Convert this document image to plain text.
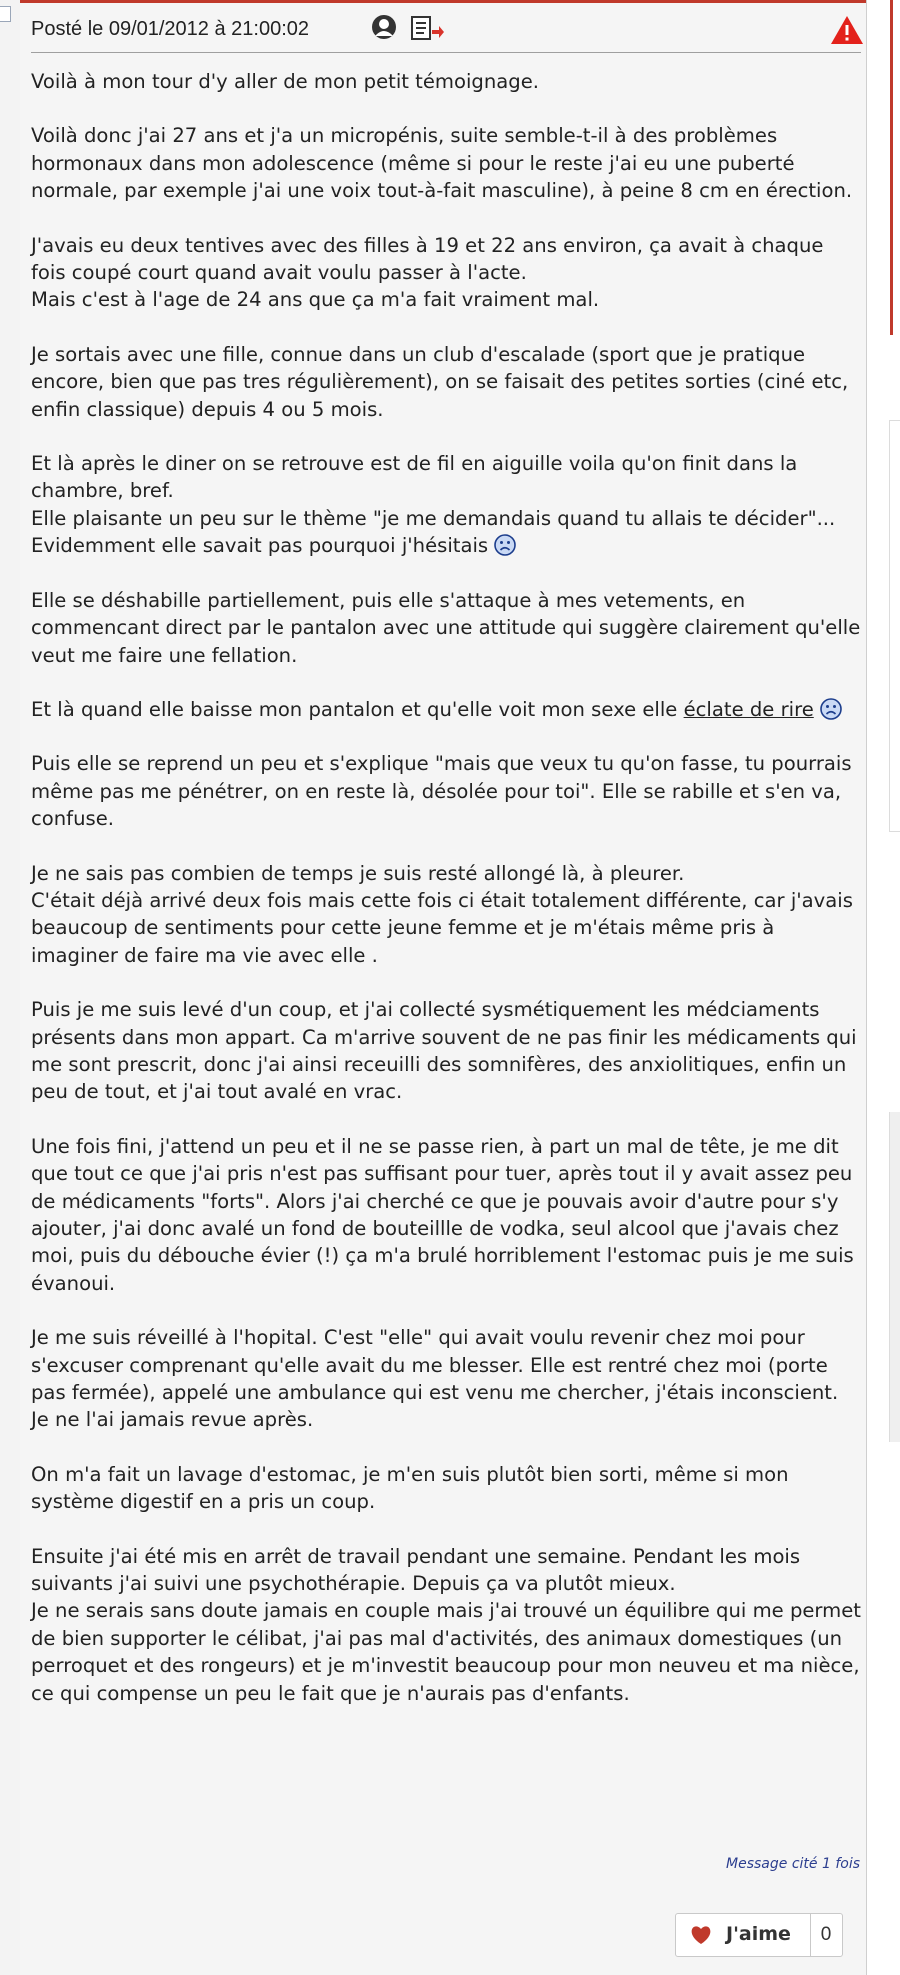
Posté le 09/01/2012 à 21:00:02

Voilà à mon tour d'y aller de mon petit témoignage.

Voilà donc j'ai 27 ans et j'a un micropénis, suite semble-t-il à des problèmes hormonaux dans mon adolescence (même si pour le reste j'ai eu une puberté normale, par exemple j'ai une voix tout-à-fait masculine), à peine 8 cm en érection.

J'avais eu deux tentives avec des filles à 19 et 22 ans environ, ça avait à chaque fois coupé court quand avait voulu passer à l'acte.
Mais c'est à l'age de 24 ans que ça m'a fait vraiment mal.

Je sortais avec une fille, connue dans un club d'escalade (sport que je pratique encore, bien que pas tres régulièrement), on se faisait des petites sorties (ciné etc, enfin classique) depuis 4 ou 5 mois.

Et là après le diner on se retrouve est de fil en aiguille voila qu'on finit dans la chambre, bref.
Elle plaisante un peu sur le thème "je me demandais quand tu allais te décider"... Evidemment elle savait pas pourquoi j'hésitais

Elle se déshabille partiellement, puis elle s'attaque à mes vetements, en commencant direct par le pantalon avec une attitude qui suggère clairement qu'elle veut me faire une fellation.

Et là quand elle baisse mon pantalon et qu'elle voit mon sexe elle éclate de rire

Puis elle se reprend un peu et s'explique "mais que veux tu qu'on fasse, tu pourrais même pas me pénétrer, on en reste là, désolée pour toi". Elle se rabille et s'en va, confuse.

Je ne sais pas combien de temps je suis resté allongé là, à pleurer.
C'était déjà arrivé deux fois mais cette fois ci était totalement différente, car j'avais beaucoup de sentiments pour cette jeune femme et je m'étais même pris à imaginer de faire ma vie avec elle .

Puis je me suis levé d'un coup, et j'ai collecté sysmétiquement les médciaments présents dans mon appart. Ca m'arrive souvent de ne pas finir les médicaments qui me sont prescrit, donc j'ai ainsi receuilli des somnifères, des anxiolitiques, enfin un peu de tout, et j'ai tout avalé en vrac.

Une fois fini, j'attend un peu et il ne se passe rien, à part un mal de tête, je me dit que tout ce que j'ai pris n'est pas suffisant pour tuer, après tout il y avait assez peu de médicaments "forts". Alors j'ai cherché ce que je pouvais avoir d'autre pour s'y ajouter, j'ai donc avalé un fond de bouteillle de vodka, seul alcool que j'avais chez moi, puis du débouche évier (!) ça m'a brulé horriblement l'estomac puis je me suis évanoui.

Je me suis réveillé à l'hopital. C'est "elle" qui avait voulu revenir chez moi pour s'excuser comprenant qu'elle avait du me blesser. Elle est rentré chez moi (porte pas fermée), appelé une ambulance qui est venu me chercher, j'étais inconscient.
Je ne l'ai jamais revue après.

On m'a fait un lavage d'estomac, je m'en suis plutôt bien sorti, même si mon système digestif en a pris un coup.

Ensuite j'ai été mis en arrêt de travail pendant une semaine. Pendant les mois suivants j'ai suivi une psychothérapie. Depuis ça va plutôt mieux.
Je ne serais sans doute jamais en couple mais j'ai trouvé un équilibre qui me permet de bien supporter le célibat, j'ai pas mal d'activités, des animaux domestiques (un perroquet et des rongeurs) et je m'investit beaucoup pour mon neuveu et ma nièce, ce qui compense un peu le fait que je n'aurais pas d'enfants.

Message cité 1 fois
J'aime	0
